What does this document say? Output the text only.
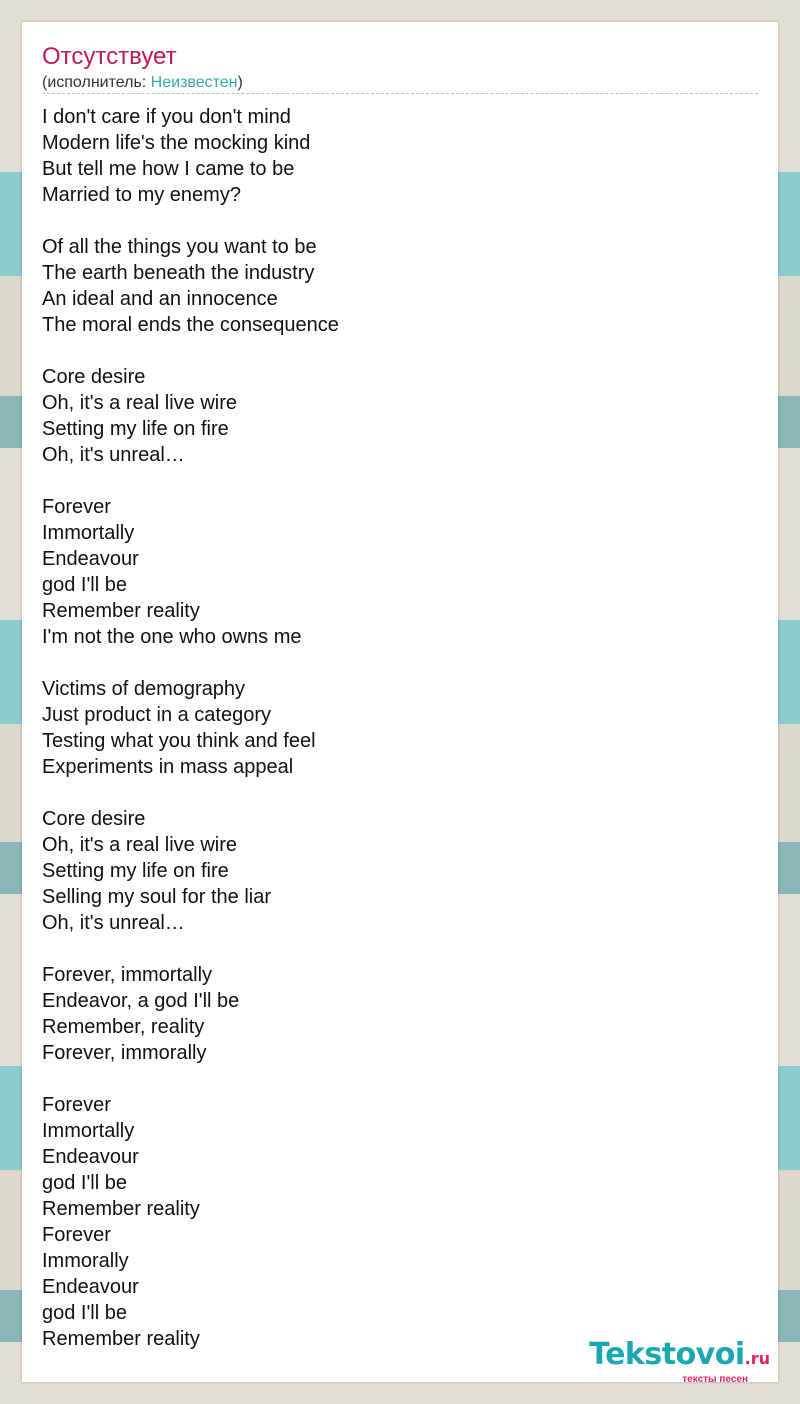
Отсутствует
(исполнитель: Неизвестен)
I don't care if you don't mind
Modern life's the mocking kind
But tell me how I came to be
Married to my enemy?

Of all the things you want to be
The earth beneath the industry
An ideal and an innocence
The moral ends the consequence

Core desire
Oh, it's a real live wire
Setting my life on fire
Oh, it's unreal…

Forever
Immortally
Endeavour
god I'll be
Remember reality
I'm not the one who owns me

Victims of demography
Just product in a category
Testing what you think and feel
Experiments in mass appeal

Core desire
Oh, it's a real live wire
Setting my life on fire
Selling my soul for the liar
Oh, it's unreal…

Forever, immortally
Endeavor, a god I'll be
Remember, reality
Forever, immorally

Forever
Immortally
Endeavour
god I'll be
Remember reality
Forever
Immorally
Endeavour
god I'll be
Remember reality	Tekstovoi.ru
тексты песен
